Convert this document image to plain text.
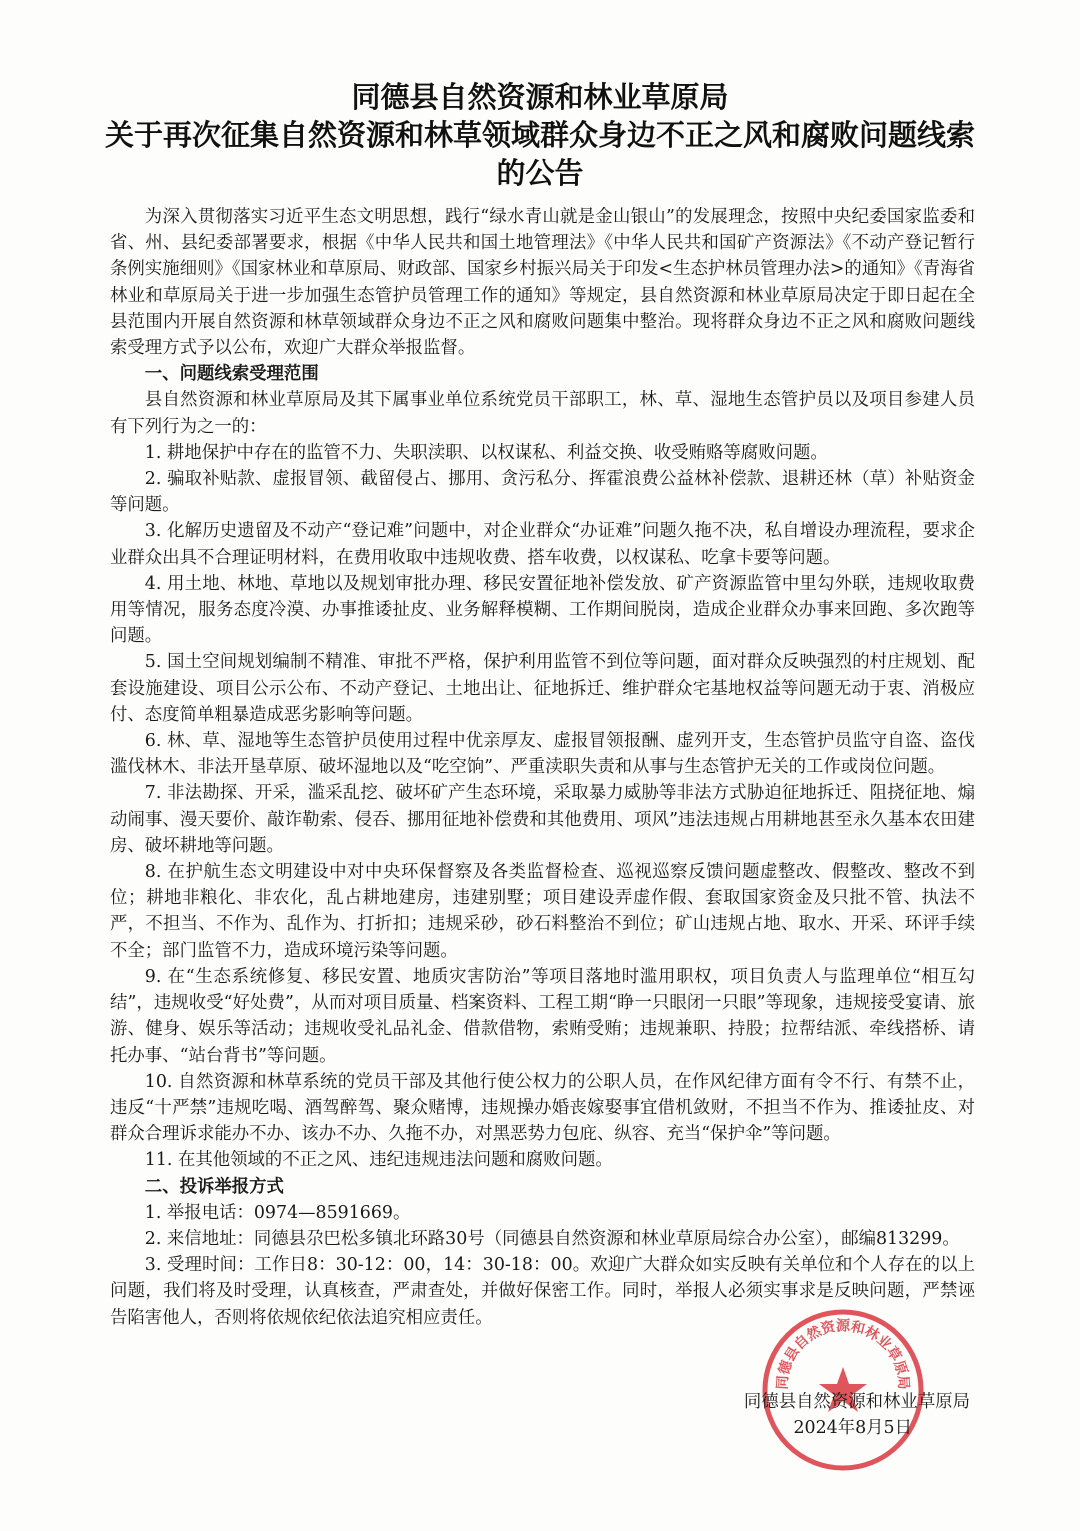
同德县自然资源和林业草原局
关于再次征集自然资源和林草领域群众身边不正之风和腐败问题线索
的公告

为深入贯彻落实习近平生态文明思想，践行“绿水青山就是金山银山”的发展理念，按照中央纪委国家监委和省、州、县纪委部署要求，根据《中华人民共和国土地管理法》《中华人民共和国矿产资源法》《不动产登记暂行条例实施细则》《国家林业和草原局、财政部、国家乡村振兴局关于印发<生态护林员管理办法>的通知》《青海省林业和草原局关于进一步加强生态管护员管理工作的通知》等规定，县自然资源和林业草原局决定于即日起在全县范围内开展自然资源和林草领域群众身边不正之风和腐败问题集中整治。现将群众身边不正之风和腐败问题线索受理方式予以公布，欢迎广大群众举报监督。

一、问题线索受理范围

县自然资源和林业草原局及其下属事业单位系统党员干部职工，林、草、湿地生态管护员以及项目参建人员有下列行为之一的：

1. 耕地保护中存在的监管不力、失职渎职、以权谋私、利益交换、收受贿赂等腐败问题。

2. 骗取补贴款、虚报冒领、截留侵占、挪用、贪污私分、挥霍浪费公益林补偿款、退耕还林（草）补贴资金等问题。

3. 化解历史遗留及不动产“登记难”问题中，对企业群众“办证难”问题久拖不决，私自增设办理流程，要求企业群众出具不合理证明材料，在费用收取中违规收费、搭车收费，以权谋私、吃拿卡要等问题。

4. 用土地、林地、草地以及规划审批办理、移民安置征地补偿发放、矿产资源监管中里勾外联，违规收取费用等情况，服务态度冷漠、办事推诿扯皮、业务解释模糊、工作期间脱岗，造成企业群众办事来回跑、多次跑等问题。

5. 国土空间规划编制不精准、审批不严格，保护利用监管不到位等问题，面对群众反映强烈的村庄规划、配套设施建设、项目公示公布、不动产登记、土地出让、征地拆迁、维护群众宅基地权益等问题无动于衷、消极应付、态度简单粗暴造成恶劣影响等问题。

6. 林、草、湿地等生态管护员使用过程中优亲厚友、虚报冒领报酬、虚列开支，生态管护员监守自盗、盗伐滥伐林木、非法开垦草原、破坏湿地以及“吃空饷”、严重渎职失责和从事与生态管护无关的工作或岗位问题。

7. 非法勘探、开采，滥采乱挖、破坏矿产生态环境，采取暴力威胁等非法方式胁迫征地拆迁、阻挠征地、煽动闹事、漫天要价、敲诈勒索、侵吞、挪用征地补偿费和其他费用、项风”违法违规占用耕地甚至永久基本农田建房、破坏耕地等问题。

8. 在护航生态文明建设中对中央环保督察及各类监督检查、巡视巡察反馈问题虚整改、假整改、整改不到位；耕地非粮化、非农化，乱占耕地建房，违建别墅；项目建设弄虚作假、套取国家资金及只批不管、执法不严，不担当、不作为、乱作为、打折扣；违规采砂，砂石料整治不到位；矿山违规占地、取水、开采、环评手续不全；部门监管不力，造成环境污染等问题。

9. 在“生态系统修复、移民安置、地质灾害防治”等项目落地时滥用职权，项目负责人与监理单位“相互勾结”，违规收受“好处费”，从而对项目质量、档案资料、工程工期“睁一只眼闭一只眼”等现象，违规接受宴请、旅游、健身、娱乐等活动；违规收受礼品礼金、借款借物，索贿受贿；违规兼职、持股；拉帮结派、牵线搭桥、请托办事、“站台背书”等问题。

10. 自然资源和林草系统的党员干部及其他行使公权力的公职人员，在作风纪律方面有令不行、有禁不止，违反“十严禁”违规吃喝、酒驾醉驾、聚众赌博，违规操办婚丧嫁娶事宜借机敛财，不担当不作为、推诿扯皮、对群众合理诉求能办不办、该办不办、久拖不办，对黑恶势力包庇、纵容、充当“保护伞”等问题。

11. 在其他领域的不正之风、违纪违规违法问题和腐败问题。

二、投诉举报方式

1. 举报电话：0974—8591669。

2. 来信地址：同德县尕巴松多镇北环路30号（同德县自然资源和林业草原局综合办公室），邮编813299。

3. 受理时间：工作日8：30-12：00，14：30-18：00。欢迎广大群众如实反映有关单位和个人存在的以上问题，我们将及时受理，认真核查，严肃查处，并做好保密工作。同时，举报人必须实事求是反映问题，严禁诬告陷害他人，否则将依规依纪依法追究相应责任。

同德县自然资源和林业草原局
同德县自然资源和林业草原局
2024年8月5日
